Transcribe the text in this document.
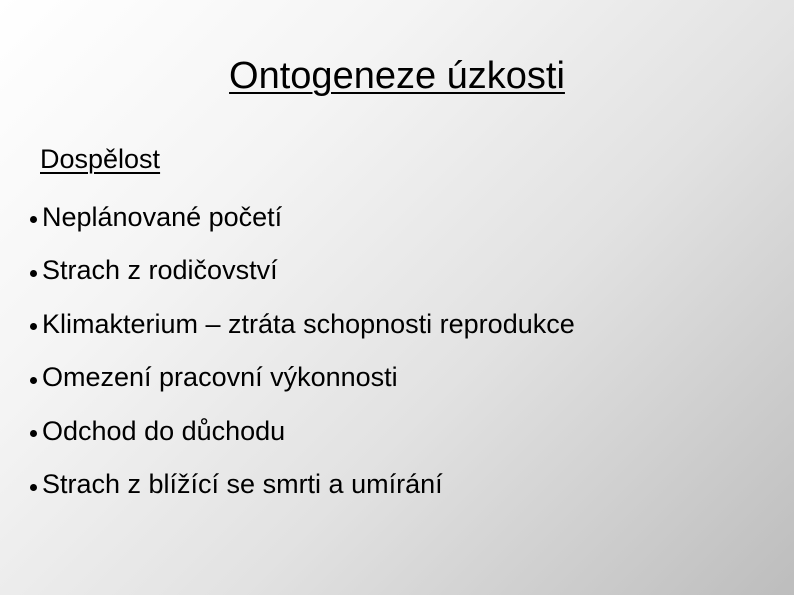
Ontogeneze úzkosti
Dospělost
Neplánované početí
Strach z rodičovství
Klimakterium – ztráta schopnosti reprodukce
Omezení pracovní výkonnosti
Odchod do důchodu
Strach z blížící se smrti a umírání
